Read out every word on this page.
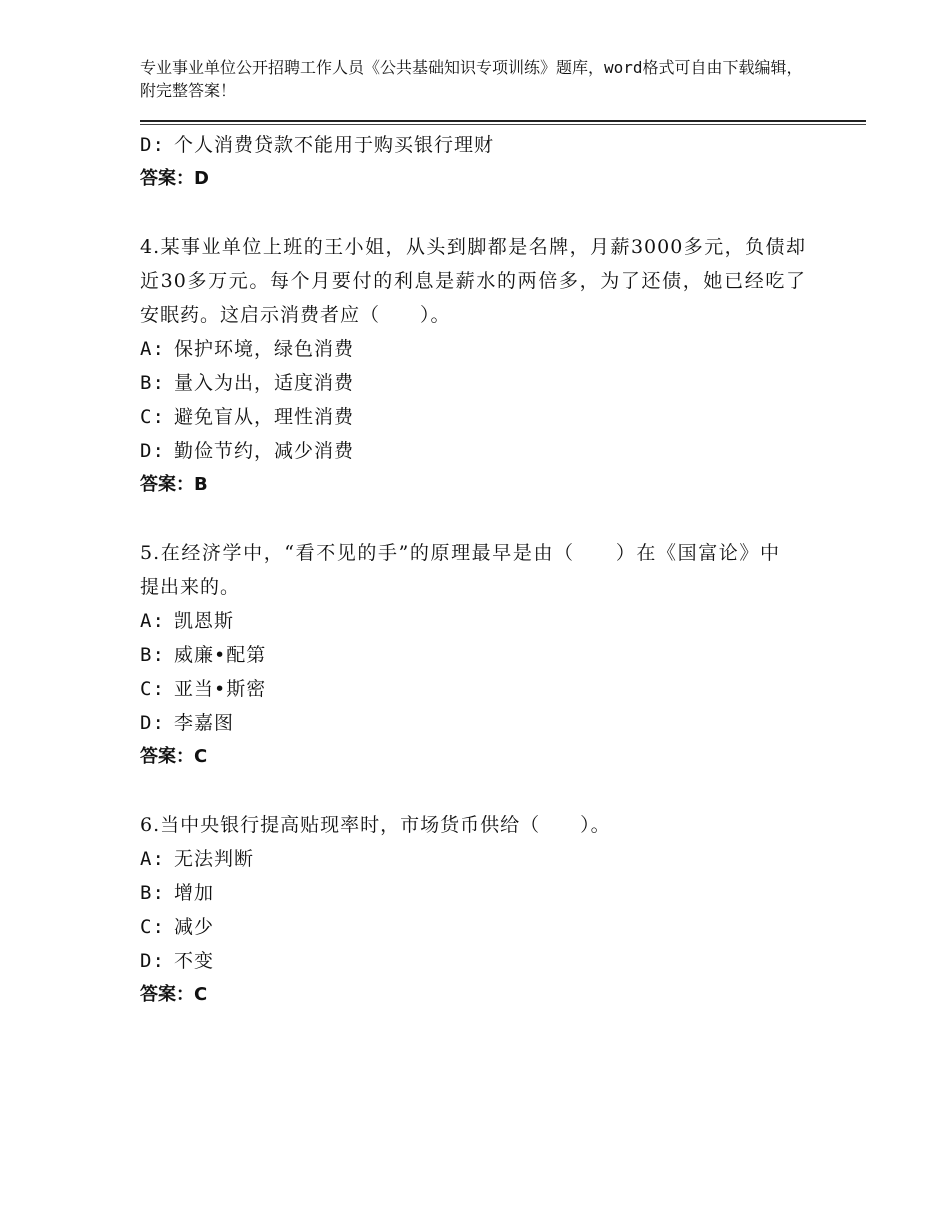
专业事业单位公开招聘工作人员《公共基础知识专项训练》题库，word格式可自由下载编辑，附完整答案！
D: 个人消费贷款不能用于购买银行理财
答案：D
4.某事业单位上班的王小姐，从头到脚都是名牌，月薪3000多元，负债却近30多万元。每个月要付的利息是薪水的两倍多，为了还债，她已经吃了安眠药。这启示消费者应（　　）。
A: 保护环境，绿色消费
B: 量入为出，适度消费
C: 避免盲从，理性消费
D: 勤俭节约，减少消费
答案：B
5.在经济学中，“看不见的手”的原理最早是由（　　）在《国富论》中提出来的。
A: 凯恩斯
B: 威廉•配第
C: 亚当•斯密
D: 李嘉图
答案：C
6.当中央银行提高贴现率时，市场货币供给（　　）。
A: 无法判断
B: 增加
C: 减少
D: 不变
答案：C
